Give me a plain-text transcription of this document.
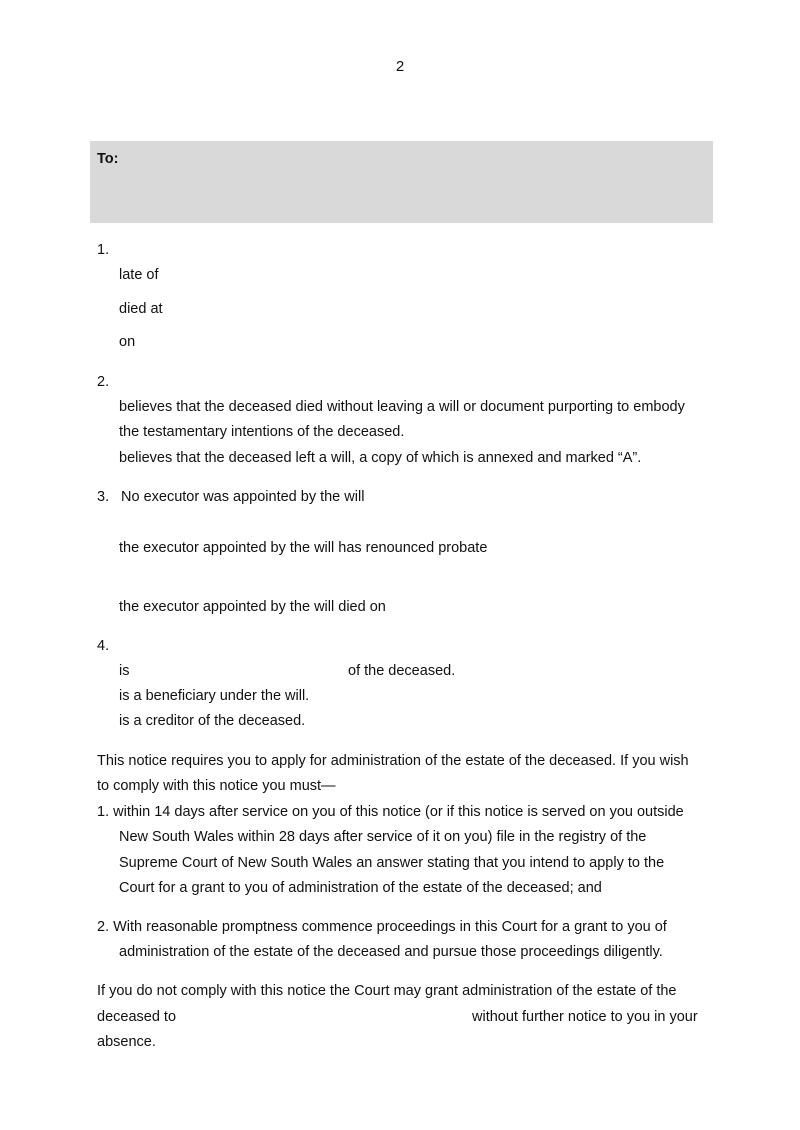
2
To:
1.
late of
died at
on
2.
believes that the deceased died without leaving a will or document purporting to embody
the testamentary intentions of the deceased.
believes that the deceased left a will, a copy of which is annexed and marked “A”.
3. No executor was appointed by the will
the executor appointed by the will has renounced probate
the executor appointed by the will died on
4.
is	of the deceased.
is a beneficiary under the will.
is a creditor of the deceased.
This notice requires you to apply for administration of the estate of the deceased. If you wish
to comply with this notice you must—
1. within 14 days after service on you of this notice (or if this notice is served on you outside
New South Wales within 28 days after service of it on you) file in the registry of the
Supreme Court of New South Wales an answer stating that you intend to apply to the
Court for a grant to you of administration of the estate of the deceased; and
2. With reasonable promptness commence proceedings in this Court for a grant to you of
administration of the estate of the deceased and pursue those proceedings diligently.
If you do not comply with this notice the Court may grant administration of the estate of the
deceased to	without further notice to you in your
absence.
